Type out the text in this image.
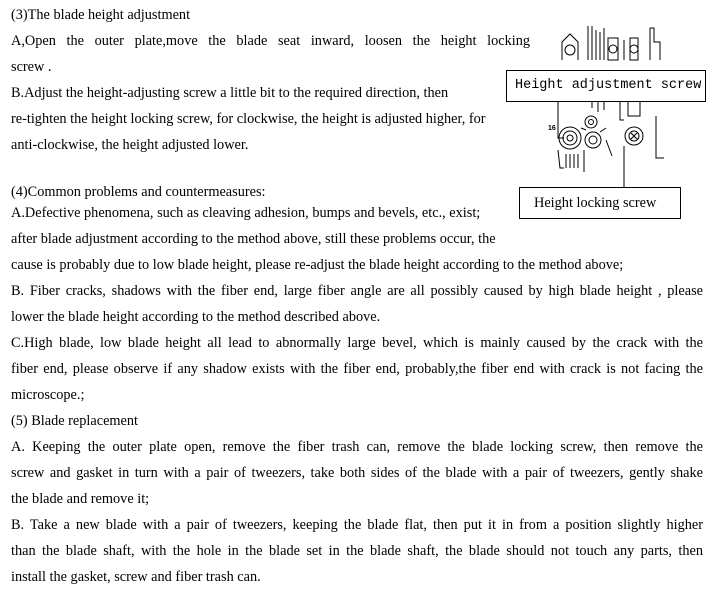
(3)The blade height adjustment
A,Open the outer plate,move the blade seat inward, loosen the height locking
screw .
B.Adjust the height-adjusting screw a little bit to the required direction, then
re-tighten the height locking screw, for clockwise, the height is adjusted higher, for
anti-clockwise, the height adjusted lower.
16
Height adjustment screw
Height locking screw
(4)Common problems and countermeasures:
A.Defective phenomena, such as cleaving adhesion, bumps and bevels, etc., exist;
after blade adjustment according to the method above, still these problems occur, the
cause is probably due to low blade height, please re-adjust the blade height according to the method above;
B. Fiber cracks, shadows with the fiber end, large fiber angle are all possibly caused by high blade height , please
lower the blade height according to the method described above.
C.High blade, low blade height all lead to abnormally large bevel, which is mainly caused by the crack with the
fiber end, please observe if any shadow exists with the fiber end, probably,the fiber end with crack is not facing the
microscope.;
(5) Blade replacement
A. Keeping the outer plate open, remove the fiber trash can, remove the blade locking screw, then remove the
screw and gasket in turn with a pair of tweezers, take both sides of the blade with a pair of tweezers, gently shake
the blade and remove it;
B. Take a new blade with a pair of tweezers, keeping the blade flat, then put it in from a position slightly higher
than the blade shaft, with the hole in the blade set in the blade shaft, the blade should not touch any parts, then
install the gasket, screw and fiber trash can.
